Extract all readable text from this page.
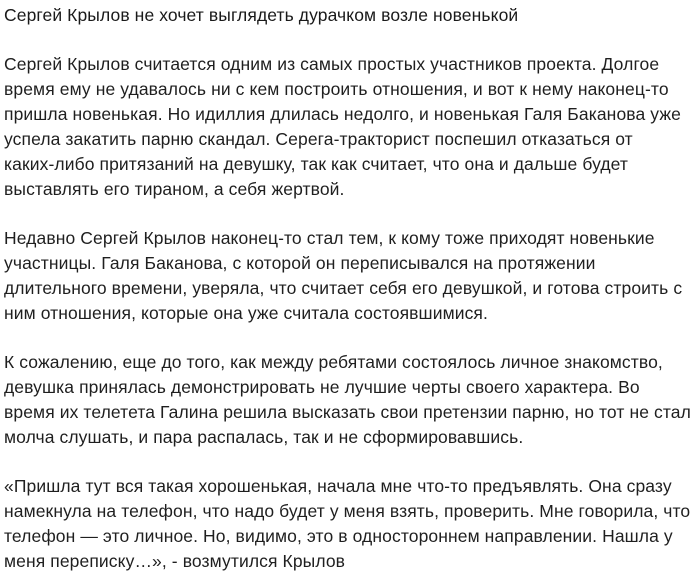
Сергей Крылов не хочет выглядеть дурачком возле новенькой

Сергей Крылов считается одним из самых простых участников проекта. Долгое
время ему не удавалось ни с кем построить отношения, и вот к нему наконец-то
пришла новенькая. Но идиллия длилась недолго, и новенькая Галя Баканова уже
успела закатить парню скандал. Серега-тракторист поспешил отказаться от
каких-либо притязаний на девушку, так как считает, что она и дальше будет
выставлять его тираном, а себя жертвой.

Недавно Сергей Крылов наконец-то стал тем, к кому тоже приходят новенькие
участницы. Галя Баканова, с которой он переписывался на протяжении
длительного времени, уверяла, что считает себя его девушкой, и готова строить с
ним отношения, которые она уже считала состоявшимися.

К сожалению, еще до того, как между ребятами состоялось личное знакомство,
девушка принялась демонстрировать не лучшие черты своего характера. Во
время их телетета Галина решила высказать свои претензии парню, но тот не стал
молча слушать, и пара распалась, так и не сформировавшись.

«Пришла тут вся такая хорошенькая, начала мне что-то предъявлять. Она сразу
намекнула на телефон, что надо будет у меня взять, проверить. Мне говорила, что
телефон — это личное. Но, видимо, это в одностороннем направлении. Нашла у
меня переписку…», - возмутился Крылов
